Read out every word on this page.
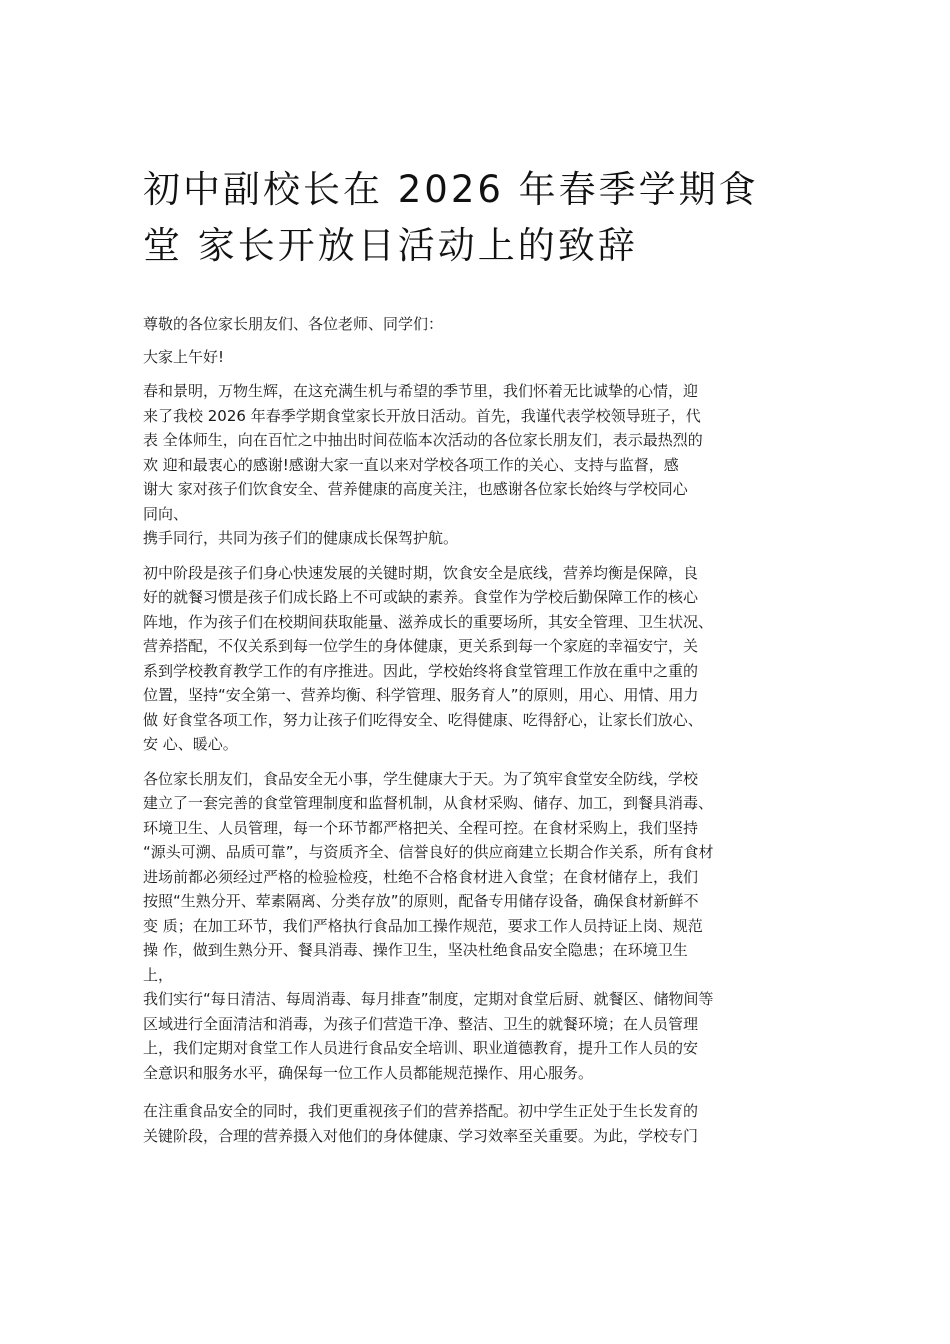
初中副校长在 2026 年春季学期食
堂 家长开放日活动上的致辞
尊敬的各位家长朋友们、各位老师、同学们：
大家上午好!
春和景明，万物生辉，在这充满生机与希望的季节里，我们怀着无比诚挚的心情，迎
来了我校 2026 年春季学期食堂家长开放日活动。首先，我谨代表学校领导班子，代
表 全体师生，向在百忙之中抽出时间莅临本次活动的各位家长朋友们，表示最热烈的
欢 迎和最衷心的感谢!感谢大家一直以来对学校各项工作的关心、支持与监督，感
谢大 家对孩子们饮食安全、营养健康的高度关注，也感谢各位家长始终与学校同心
同向、
携手同行，共同为孩子们的健康成长保驾护航。
初中阶段是孩子们身心快速发展的关键时期，饮食安全是底线，营养均衡是保障，良
好的就餐习惯是孩子们成长路上不可或缺的素养。食堂作为学校后勤保障工作的核心
阵地，作为孩子们在校期间获取能量、滋养成长的重要场所，其安全管理、卫生状况、
营养搭配，不仅关系到每一位学生的身体健康，更关系到每一个家庭的幸福安宁，关
系到学校教育教学工作的有序推进。因此，学校始终将食堂管理工作放在重中之重的
位置，坚持“安全第一、营养均衡、科学管理、服务育人”的原则，用心、用情、用力
做 好食堂各项工作，努力让孩子们吃得安全、吃得健康、吃得舒心，让家长们放心、
安 心、暖心。
各位家长朋友们，食品安全无小事，学生健康大于天。为了筑牢食堂安全防线，学校
建立了一套完善的食堂管理制度和监督机制，从食材采购、储存、加工，到餐具消毒、
环境卫生、人员管理，每一个环节都严格把关、全程可控。在食材采购上，我们坚持
“源头可溯、品质可靠”，与资质齐全、信誉良好的供应商建立长期合作关系，所有食材
进场前都必须经过严格的检验检疫，杜绝不合格食材进入食堂；在食材储存上，我们
按照“生熟分开、荤素隔离、分类存放”的原则，配备专用储存设备，确保食材新鲜不
变 质；在加工环节，我们严格执行食品加工操作规范，要求工作人员持证上岗、规范
操 作，做到生熟分开、餐具消毒、操作卫生，坚决杜绝食品安全隐患；在环境卫生
上，
我们实行“每日清洁、每周消毒、每月排查”制度，定期对食堂后厨、就餐区、储物间等
区域进行全面清洁和消毒，为孩子们营造干净、整洁、卫生的就餐环境；在人员管理
上，我们定期对食堂工作人员进行食品安全培训、职业道德教育，提升工作人员的安
全意识和服务水平，确保每一位工作人员都能规范操作、用心服务。
在注重食品安全的同时，我们更重视孩子们的营养搭配。初中学生正处于生长发育的
关键阶段，合理的营养摄入对他们的身体健康、学习效率至关重要。为此，学校专门
